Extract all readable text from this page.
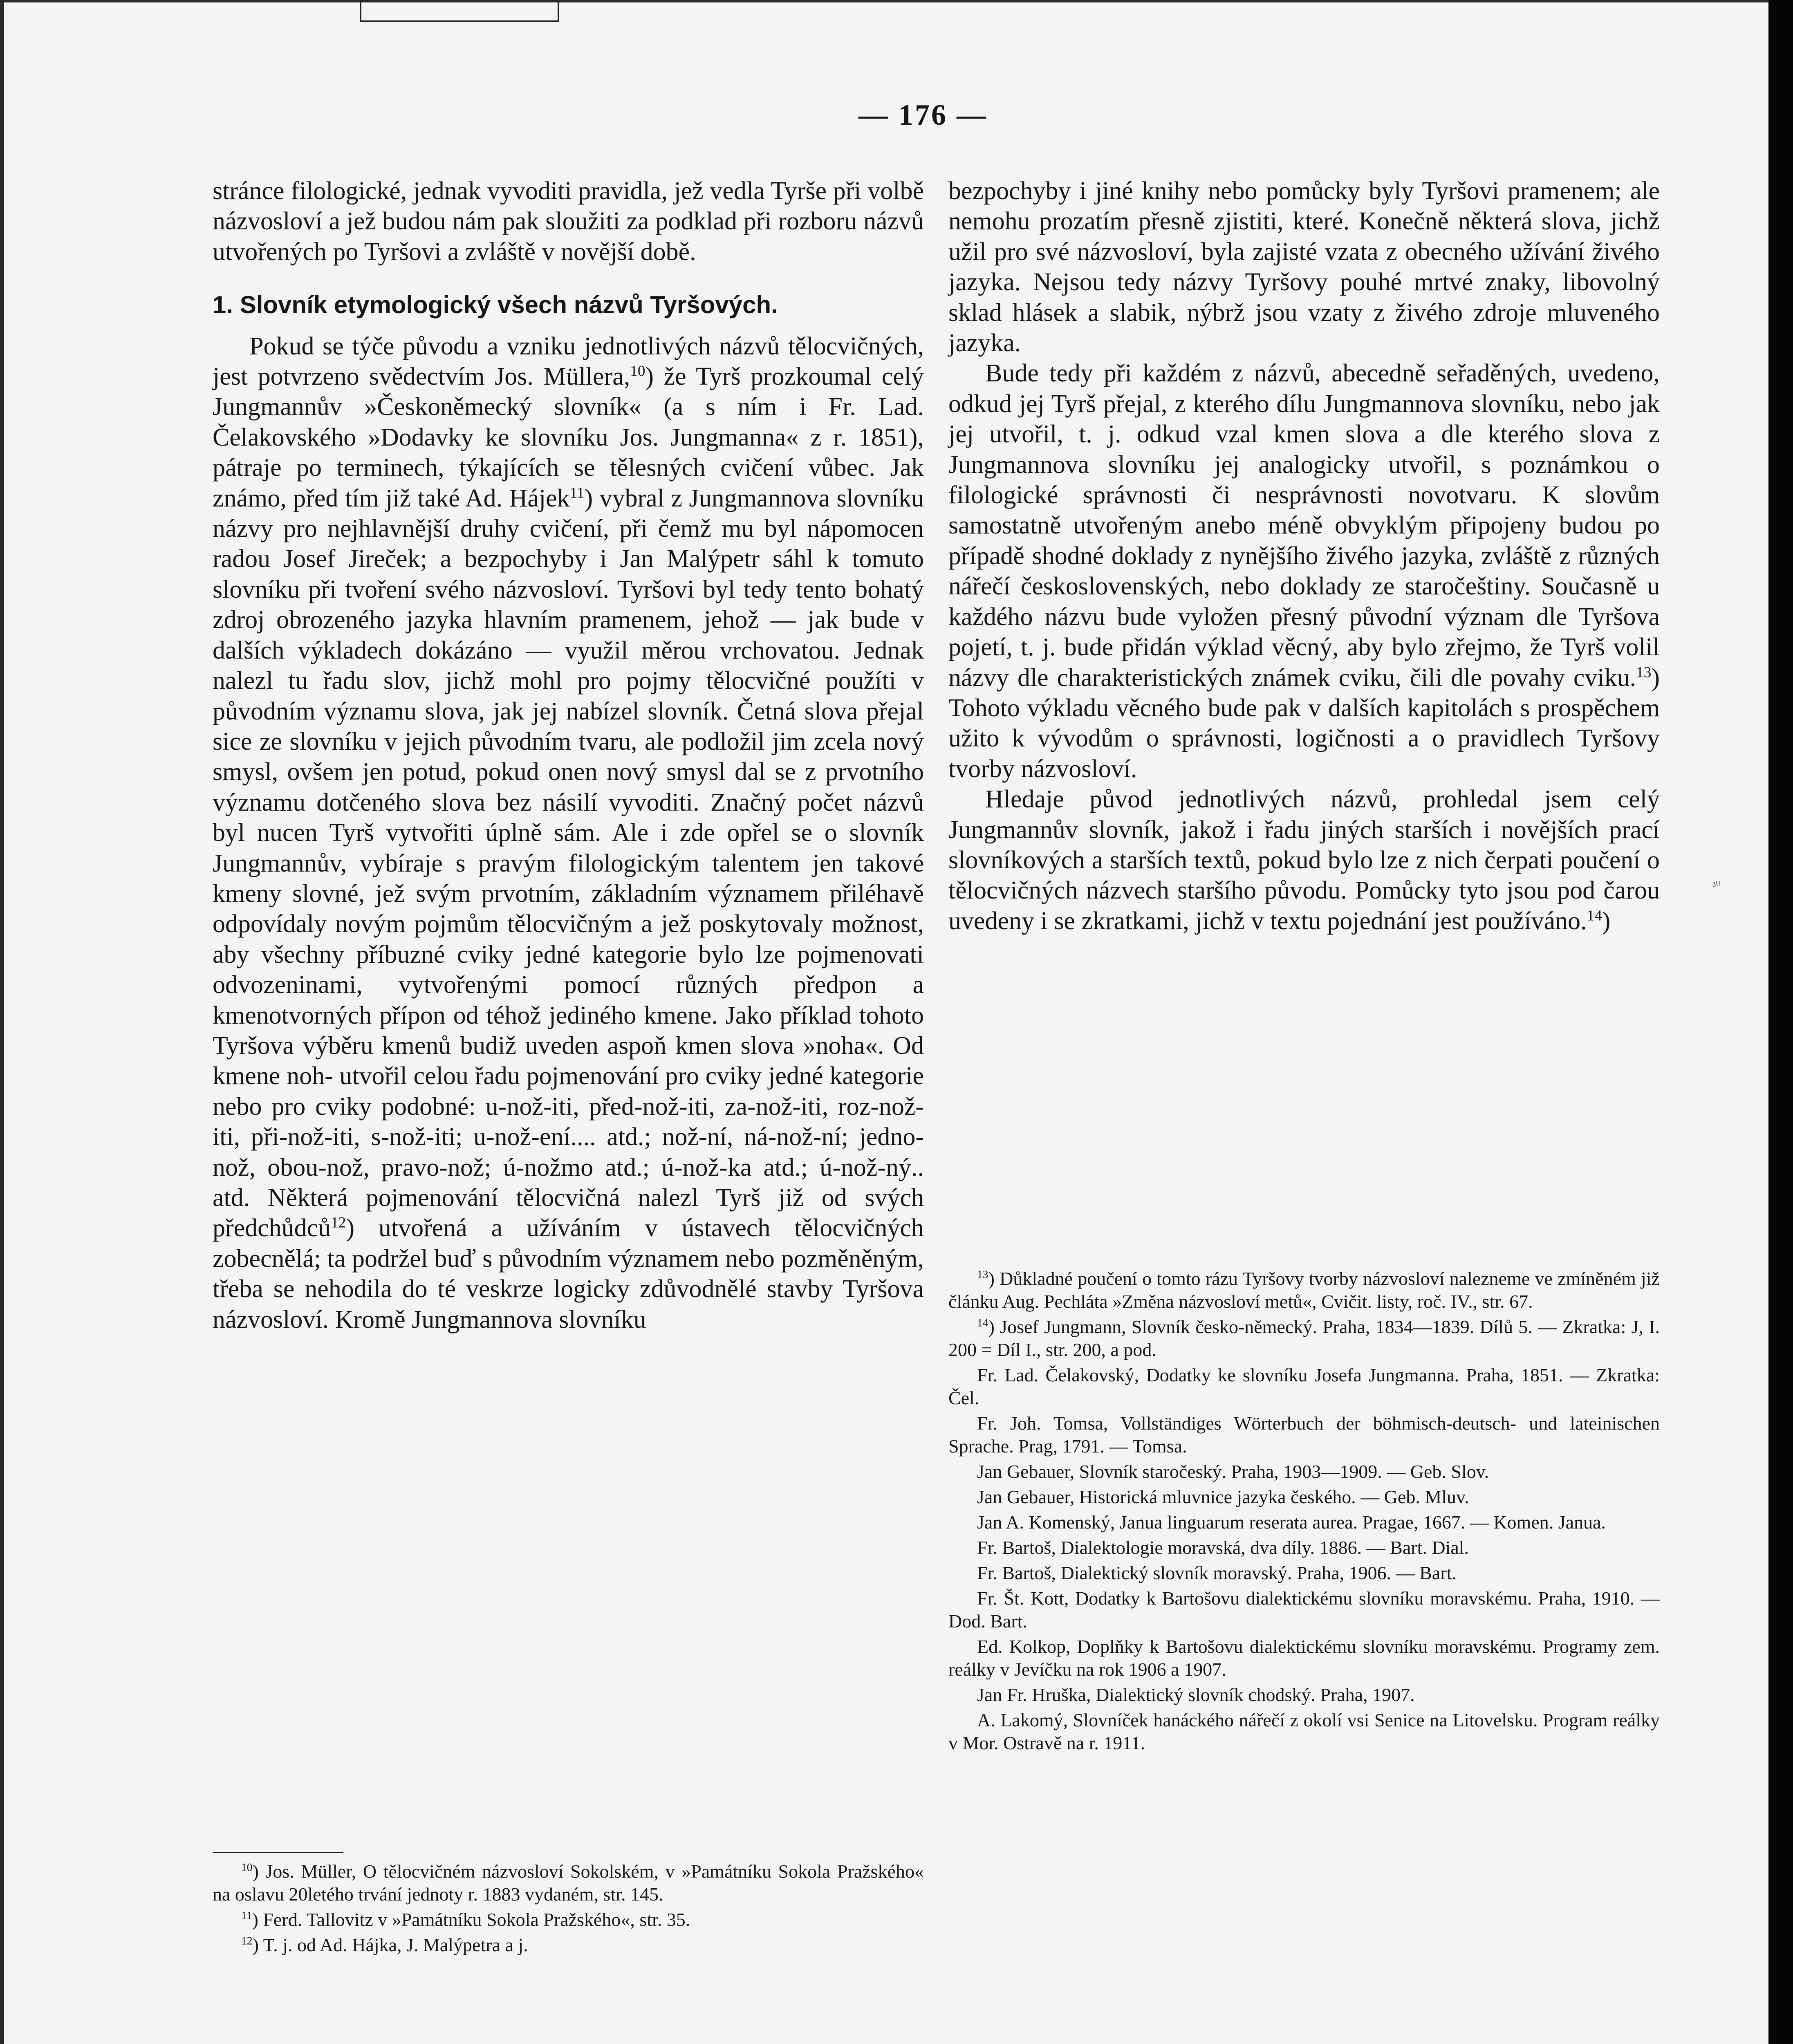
ᶾᵁ
— 176 —

stránce filologické, jednak vyvoditi pravidla, jež vedla Tyrše při volbě názvosloví a jež budou nám pak sloužiti za podklad při rozboru názvů utvořených po Tyršovi a zvláště v novější době.

1. Slovník etymologický všech názvů Tyršových.

Pokud se týče původu a vzniku jednotlivých názvů tělocvičných, jest potvrzeno svědectvím Jos. Müllera,$^{10}$) že Tyrš prozkoumal celý Jungmannův »Českoněmecký slovník« (a s ním i Fr. Lad. Čelakovského »Dodavky ke slovníku Jos. Jungmanna« z r. 1851), pátraje po terminech, týkajících se tělesných cvičení vůbec. Jak známo, před tím již také Ad. Hájek$^{11}$) vybral z Jungmannova slovníku názvy pro nejhlavnější druhy cvičení, při čemž mu byl nápomocen radou Josef Jireček; a bezpochyby i Jan Malýpetr sáhl k tomuto slovníku při tvoření svého názvosloví. Tyršovi byl tedy tento bohatý zdroj obrozeného jazyka hlavním pramenem, jehož — jak bude v dalších výkladech dokázáno — využil měrou vrchovatou. Jednak nalezl tu řadu slov, jichž mohl pro pojmy tělocvičné použíti v původním významu slova, jak jej nabízel slovník. Četná slova přejal sice ze slovníku v jejich původním tvaru, ale podložil jim zcela nový smysl, ovšem jen potud, pokud onen nový smysl dal se z prvotního významu dotčeného slova bez násilí vyvoditi. Značný počet názvů byl nucen Tyrš vytvořiti úplně sám. Ale i zde opřel se o slovník Jungmannův, vybíraje s pravým filologickým talentem jen takové kmeny slovné, jež svým prvotním, základním významem přiléhavě odpovídaly novým pojmům tělocvičným a jež poskytovaly možnost, aby všechny příbuzné cviky jedné kategorie bylo lze pojmenovati odvozeninami, vytvořenými pomocí různých předpon a kmenotvorných přípon od téhož jediného kmene. Jako příklad tohoto Tyršova výběru kmenů budiž uveden aspoň kmen slova »noha«. Od kmene noh- utvořil celou řadu pojmenování pro cviky jedné kategorie nebo pro cviky podobné: u-nož-iti, před-nož-iti, za-nož-iti, roz-nož-iti, při-nož-iti, s-nož-iti; u-nož-ení.... atd.; nož-ní, ná-nož-ní; jedno-nož, obou-nož, pravo-nož; ú-nožmo atd.; ú-nož-ka atd.; ú-nož-ný.. atd. Některá pojmenování tělocvičná nalezl Tyrš již od svých předchůdců$^{12}$) utvořená a užíváním v ústavech tělocvičných zobecnělá; ta podržel buď s původním významem nebo pozměněným, třeba se nehodila do té veskrze logicky zdůvodnělé stavby Tyršova názvosloví. Kromě Jungmannova slovníku

bezpochyby i jiné knihy nebo pomůcky byly Tyršovi pramenem; ale nemohu prozatím přesně zjistiti, které. Konečně některá slova, jichž užil pro své názvosloví, byla zajisté vzata z obecného užívání živého jazyka. Nejsou tedy názvy Tyršovy pouhé mrtvé znaky, libovolný sklad hlásek a slabik, nýbrž jsou vzaty z živého zdroje mluveného jazyka.

Bude tedy při každém z názvů, abecedně seřaděných, uvedeno, odkud jej Tyrš přejal, z kterého dílu Jungmannova slovníku, nebo jak jej utvořil, t. j. odkud vzal kmen slova a dle kterého slova z Jungmannova slovníku jej analogicky utvořil, s poznámkou o filologické správnosti či nesprávnosti novotvaru. K slovům samostatně utvořeným anebo méně obvyklým připojeny budou po případě shodné doklady z nynějšího živého jazyka, zvláště z různých nářečí československých, nebo doklady ze staročeštiny. Současně u každého názvu bude vyložen přesný původní význam dle Tyršova pojetí, t. j. bude přidán výklad věcný, aby bylo zřejmo, že Tyrš volil názvy dle charakteristických známek cviku, čili dle povahy cviku.$^{13}$) Tohoto výkladu věcného bude pak v dalších kapitolách s prospěchem užito k vývodům o správnosti, logičnosti a o pravidlech Tyršovy tvorby názvosloví.

Hledaje původ jednotlivých názvů, prohledal jsem celý Jungmannův slovník, jakož i řadu jiných starších i novějších prací slovníkových a starších textů, pokud bylo lze z nich čerpati poučení o tělocvičných názvech staršího původu. Pomůcky tyto jsou pod čarou uvedeny i se zkratkami, jichž v textu pojednání jest používáno.$^{14}$)

$^{10}$) Jos. Müller, O tělocvičném názvosloví Sokolském, v »Památníku Sokola Pražského« na oslavu 20letého trvání jednoty r. 1883 vydaném, str. 145.

$^{11}$) Ferd. Tallovitz v »Památníku Sokola Pražského«, str. 35.

$^{12}$) T. j. od Ad. Hájka, J. Malýpetra a j.

$^{13}$) Důkladné poučení o tomto rázu Tyršovy tvorby názvosloví nalezneme ve zmíněném již článku Aug. Pechláta »Změna názvosloví metů«, Cvičit. listy, roč. IV., str. 67.

$^{14}$) Josef Jungmann, Slovník česko-německý. Praha, 1834—1839. Dílů 5. — Zkratka: J, I. 200 = Díl I., str. 200, a pod.

Fr. Lad. Čelakovský, Dodatky ke slovníku Josefa Jungmanna. Praha, 1851. — Zkratka: Čel.

Fr. Joh. Tomsa, Vollständiges Wörterbuch der böhmisch-deutsch- und lateinischen Sprache. Prag, 1791. — Tomsa.

Jan Gebauer, Slovník staročeský. Praha, 1903—1909. — Geb. Slov.

Jan Gebauer, Historická mluvnice jazyka českého. — Geb. Mluv.

Jan A. Komenský, Janua linguarum reserata aurea. Pragae, 1667. — Komen. Janua.

Fr. Bartoš, Dialektologie moravská, dva díly. 1886. — Bart. Dial.

Fr. Bartoš, Dialektický slovník moravský. Praha, 1906. — Bart.

Fr. Št. Kott, Dodatky k Bartošovu dialektickému slovníku moravskému. Praha, 1910. — Dod. Bart.

Ed. Kolkop, Doplňky k Bartošovu dialektickému slovníku moravskému. Programy zem. reálky v Jevíčku na rok 1906 a 1907.

Jan Fr. Hruška, Dialektický slovník chodský. Praha, 1907.

A. Lakomý, Slovníček hanáckého nářečí z okolí vsi Senice na Litovelsku. Program reálky v Mor. Ostravě na r. 1911.
